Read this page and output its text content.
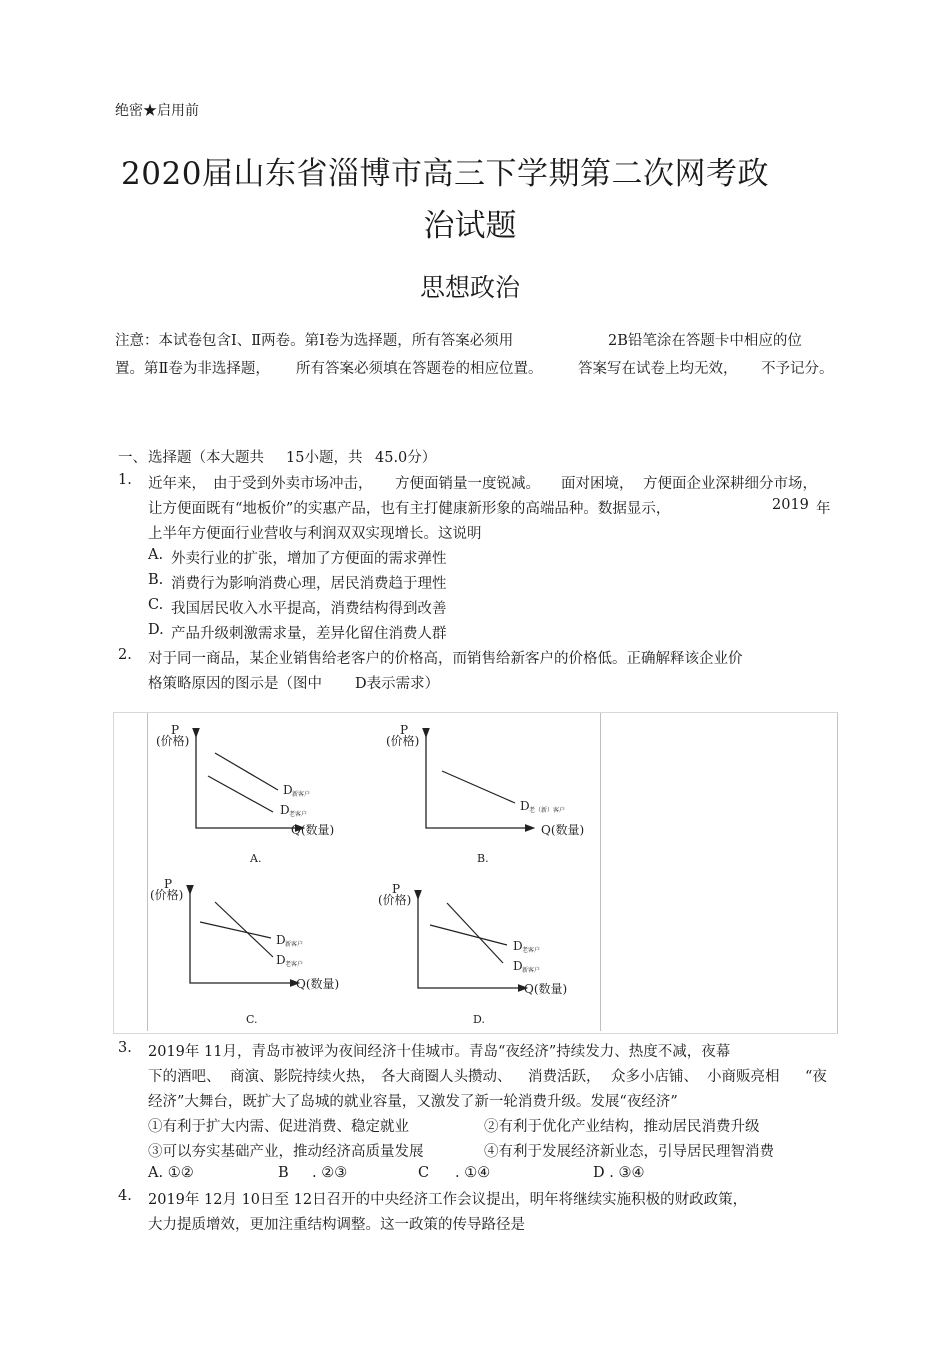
绝密★启用前
2020届山东省淄博市高三下学期第二次网考政
治试题
思想政治
注意：本试卷包含Ⅰ、Ⅱ两卷。第Ⅰ卷为选择题，所有答案必须用	2B铅笔涂在答题卡中相应的位
置。第Ⅱ卷为非选择题， 所有答案必须填在答题卷的相应位置。 答案写在试卷上均无效， 不予记分。
一、 选择题（本大题共 15小题，共 45.0分）
1. 近年来， 由于受到外卖市场冲击， 方便面销量一度锐减。 面对困境， 方便面企业深耕细分市场，
让方便面既有“地板价”的实惠产品，也有主打健康新形象的高端品种。数据显示，	2019 年
上半年方便面行业营收与利润双双实现增长。这说明
A. 外卖行业的扩张，增加了方便面的需求弹性
B. 消费行为影响消费心理，居民消费趋于理性
C. 我国居民收入水平提高，消费结构得到改善
D. 产品升级刺激需求量，差异化留住消费人群
2. 对于同一商品，某企业销售给老客户的价格高，而销售给新客户的价格低。正确解释该企业价
格策略原因的图示是（图中 D表示需求）
P
(价格)
Q(数量)
D 新客户
D 老客户
A.
P
(价格)
Q(数量)
D 老（新）客户
B.
P
(价格)
Q(数量)
D 新客户
D 老客户
C.
P
(价格)
Q(数量)
D 老客户
D 新客户
D.
3. 2019年 11月，青岛市被评为夜间经济十佳城市。青岛“夜经济”持续发力、热度不减，夜幕
下的酒吧、 商演、影院持续火热， 各大商圈人头攒动、 消费活跃， 众多小店铺、 小商贩亮相 “夜
经济”大舞台，既扩大了岛城的就业容量，又激发了新一轮消费升级。发展“夜经济”
①有利于扩大内需、促进消费、稳定就业	②有利于优化产业结构，推动居民消费升级
③可以夯实基础产业，推动经济高质量发展	④有利于发展经济新业态，引导居民理智消费
A. ①②	B . ②③	C . ①④	D . ③④
4. 2019年 12月 10日至 12日召开的中央经济工作会议提出，明年将继续实施积极的财政政策，
大力提质增效，更加注重结构调整。这一政策的传导路径是
